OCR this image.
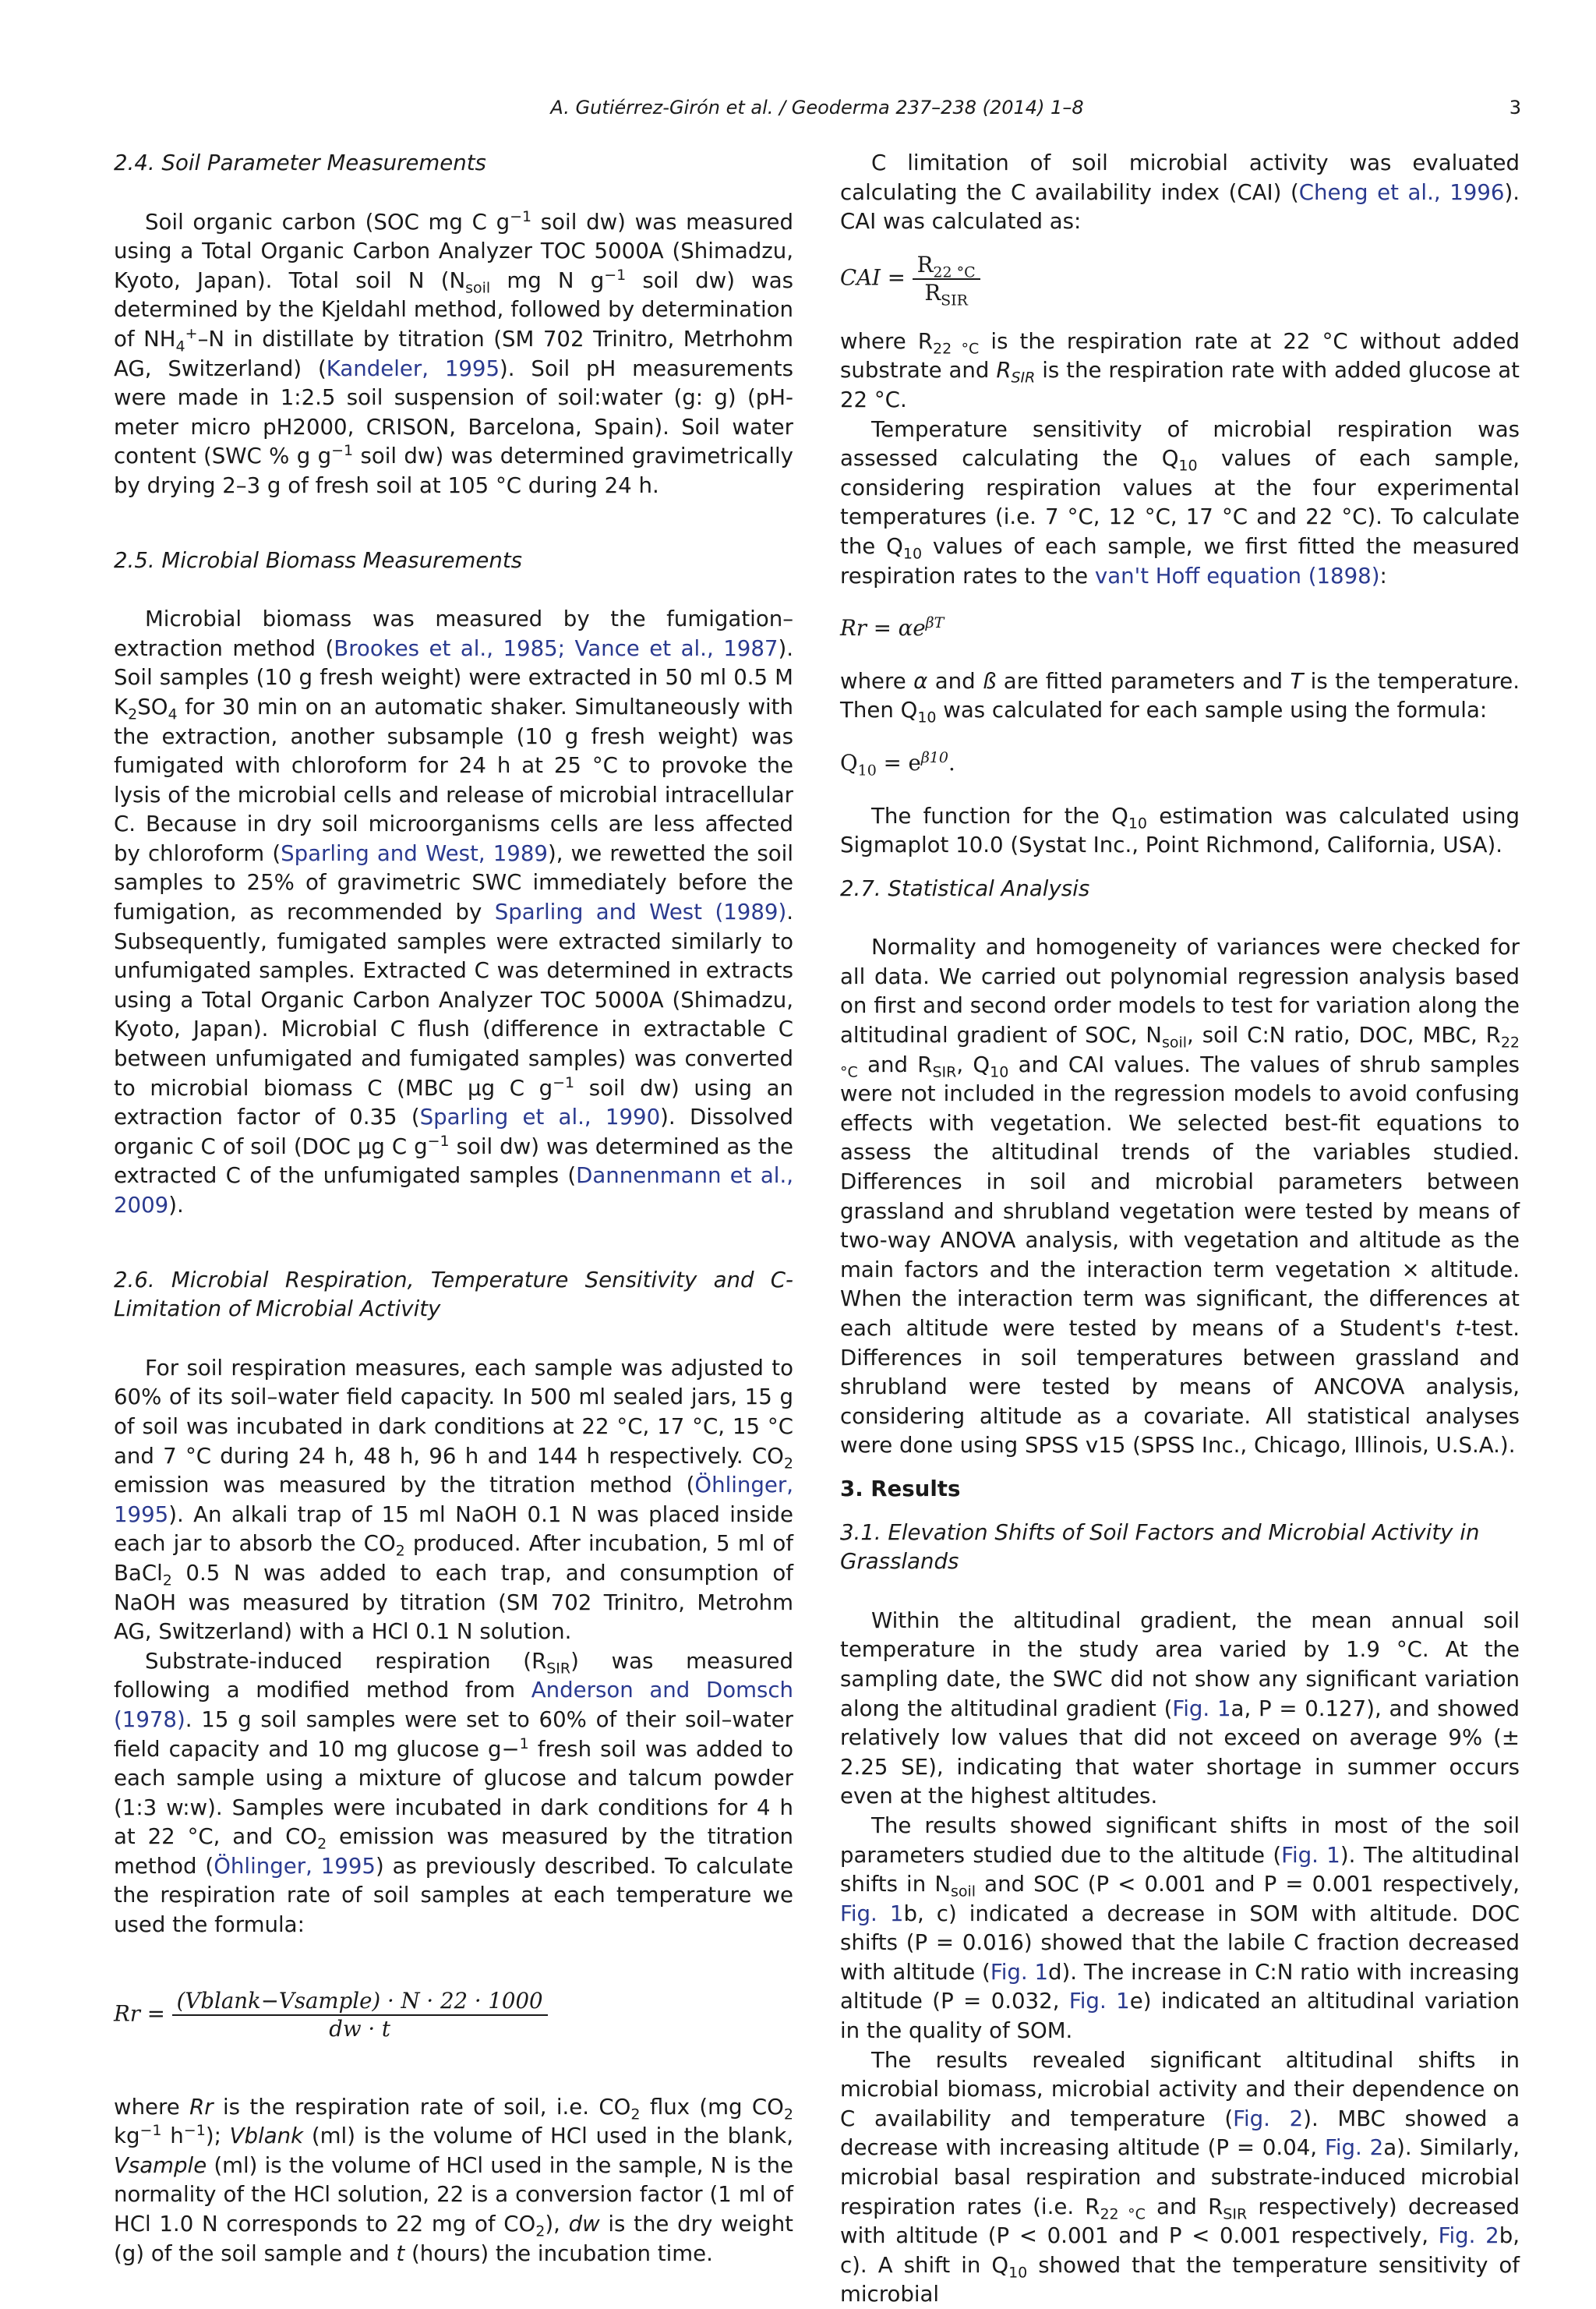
A. Gutiérrez-Girón et al. / Geoderma 237–238 (2014) 1–8	3
2.4. Soil Parameter Measurements

Soil organic carbon (SOC mg C $g^{-1}$ soil dw) was measured using a Total Organic Carbon Analyzer TOC 5000A (Shimadzu, Kyoto, Japan). Total soil N ($N_{soil}$ mg N $g^{-1}$ soil dw) was determined by the Kjeldahl method, followed by determination of $NH_4^+-N$ in distillate by titration (SM 702 Trinitro, Metrhohm AG, Switzerland) (Kandeler, 1995). Soil pH measurements were made in 1:2.5 soil suspension of soil:water (g: g) (pH-meter micro pH2000, CRISON, Barcelona, Spain). Soil water content (SWC % g $g^{-1}$ soil dw) was determined gravimetrically by drying 2–3 g of fresh soil at 105 °C during 24 h.

2.5. Microbial Biomass Measurements

Microbial biomass was measured by the fumigation–extraction method (Brookes et al., 1985; Vance et al., 1987). Soil samples (10 g fresh weight) were extracted in 50 ml 0.5 M $K_2SO_4$ for 30 min on an automatic shaker. Simultaneously with the extraction, another subsample (10 g fresh weight) was fumigated with chloroform for 24 h at 25 °C to provoke the lysis of the microbial cells and release of microbial intracellular C. Because in dry soil microorganisms cells are less affected by chloroform (Sparling and West, 1989), we rewetted the soil samples to 25% of gravimetric SWC immediately before the fumigation, as recommended by Sparling and West (1989). Subsequently, fumigated samples were extracted similarly to unfumigated samples. Extracted C was determined in extracts using a Total Organic Carbon Analyzer TOC 5000A (Shimadzu, Kyoto, Japan). Microbial C flush (difference in extractable C between unfumigated and fumigated samples) was converted to microbial biomass C (MBC µg C $g^{-1}$ soil dw) using an extraction factor of 0.35 (Sparling et al., 1990). Dissolved organic C of soil (DOC µg C $g^{-1}$ soil dw) was determined as the extracted C of the unfumigated samples (Dannenmann et al., 2009).

2.6. Microbial Respiration, Temperature Sensitivity and C-Limitation of Microbial Activity

For soil respiration measures, each sample was adjusted to 60% of its soil–water field capacity. In 500 ml sealed jars, 15 g of soil was incubated in dark conditions at 22 °C, 17 °C, 15 °C and 7 °C during 24 h, 48 h, 96 h and 144 h respectively. $CO_2$ emission was measured by the titration method (Öhlinger, 1995). An alkali trap of 15 ml NaOH 0.1 N was placed inside each jar to absorb the $CO_2$ produced. After incubation, 5 ml of BaCl$_2$ 0.5 N was added to each trap, and consumption of NaOH was measured by titration (SM 702 Trinitro, Metrohm AG, Switzerland) with a HCl 0.1 N solution.

Substrate-induced respiration $(R_{SIR})$ was measured following a modified method from Anderson and Domsch (1978). 15 g soil samples were set to 60% of their soil–water field capacity and 10 mg glucose g−$^1$ fresh soil was added to each sample using a mixture of glucose and talcum powder (1:3 w:w). Samples were incubated in dark conditions for 4 h at 22 °C, and $CO_2$ emission was measured by the titration method (Öhlinger, 1995) as previously described. To calculate the respiration rate of soil samples at each temperature we used the formula:

$Rr = \frac{\text{(Vblank−Vsample) · N · 22 · 1000}}{dw \cdot t}$

where Rr is the respiration rate of soil, i.e. $CO_2$ flux (mg $CO_2$ $kg^{-1}$ $h^{-1}$); Vblank (ml) is the volume of HCl used in the blank, Vsample (ml) is the volume of HCl used in the sample, N is the normality of the HCl solution, 22 is a conversion factor (1 ml of HCl 1.0 N corresponds to 22 mg of $CO_2$), dw is the dry weight (g) of the soil sample and t (hours) the incubation time.

C limitation of soil microbial activity was evaluated calculating the C availability index (CAI) (Cheng et al., 1996). CAI was calculated as:

CAI = $\frac{R_{22 ^\circ C}}{R_{SIR}}$

where $R_{22 ^\circ C}$ is the respiration rate at 22 °C without added substrate and $R_{SIR}$ is the respiration rate with added glucose at 22 °C.

Temperature sensitivity of microbial respiration was assessed calculating the $Q_{10}$ values of each sample, considering respiration values at the four experimental temperatures (i.e. 7 °C, 12 °C, 17 °C and 22 °C). To calculate the $Q_{10}$ values of each sample, we first fitted the measured respiration rates to the van't Hoff equation (1898):

$Rr = \alpha e^{\beta T}$

where α and ß are fitted parameters and T is the temperature. Then $Q_{10}$ was calculated for each sample using the formula:

$Q_{10} = e^{\beta 10}$.

The function for the $Q_{10}$ estimation was calculated using Sigmaplot 10.0 (Systat Inc., Point Richmond, California, USA).

2.7. Statistical Analysis

Normality and homogeneity of variances were checked for all data. We carried out polynomial regression analysis based on first and second order models to test for variation along the altitudinal gradient of SOC, $N_{soil}$, soil C:N ratio, DOC, MBC, $R_{22 ^\circ C}$ and $R_{SIR}$, $Q_{10}$ and CAI values. The values of shrub samples were not included in the regression models to avoid confusing effects with vegetation. We selected best-fit equations to assess the altitudinal trends of the variables studied. Differences in soil and microbial parameters between grassland and shrubland vegetation were tested by means of two-way ANOVA analysis, with vegetation and altitude as the main factors and the interaction term vegetation × altitude. When the interaction term was significant, the differences at each altitude were tested by means of a Student's t-test. Differences in soil temperatures between grassland and shrubland were tested by means of ANCOVA analysis, considering altitude as a covariate. All statistical analyses were done using SPSS v15 (SPSS Inc., Chicago, Illinois, U.S.A.).

3. Results
3.1. Elevation Shifts of Soil Factors and Microbial Activity in Grasslands

Within the altitudinal gradient, the mean annual soil temperature in the study area varied by 1.9 °C. At the sampling date, the SWC did not show any significant variation along the altitudinal gradient (Fig. 1a, P = 0.127), and showed relatively low values that did not exceed on average 9% (± 2.25 SE), indicating that water shortage in summer occurs even at the highest altitudes.

The results showed significant shifts in most of the soil parameters studied due to the altitude (Fig. 1). The altitudinal shifts in $N_{soil}$ and SOC (P < 0.001 and P = 0.001 respectively, Fig. 1b, c) indicated a decrease in SOM with altitude. DOC shifts (P = 0.016) showed that the labile C fraction decreased with altitude (Fig. 1d). The increase in C:N ratio with increasing altitude (P = 0.032, Fig. 1e) indicated an altitudinal variation in the quality of SOM.

The results revealed significant altitudinal shifts in microbial biomass, microbial activity and their dependence on C availability and temperature (Fig. 2). MBC showed a decrease with increasing altitude (P = 0.04, Fig. 2a). Similarly, microbial basal respiration and substrate-induced microbial respiration rates (i.e. $R_{22 ^\circ C}$ and $R_{SIR}$ respectively) decreased with altitude (P < 0.001 and P < 0.001 respectively, Fig. 2b, c). A shift in $Q_{10}$ showed that the temperature sensitivity of microbial
